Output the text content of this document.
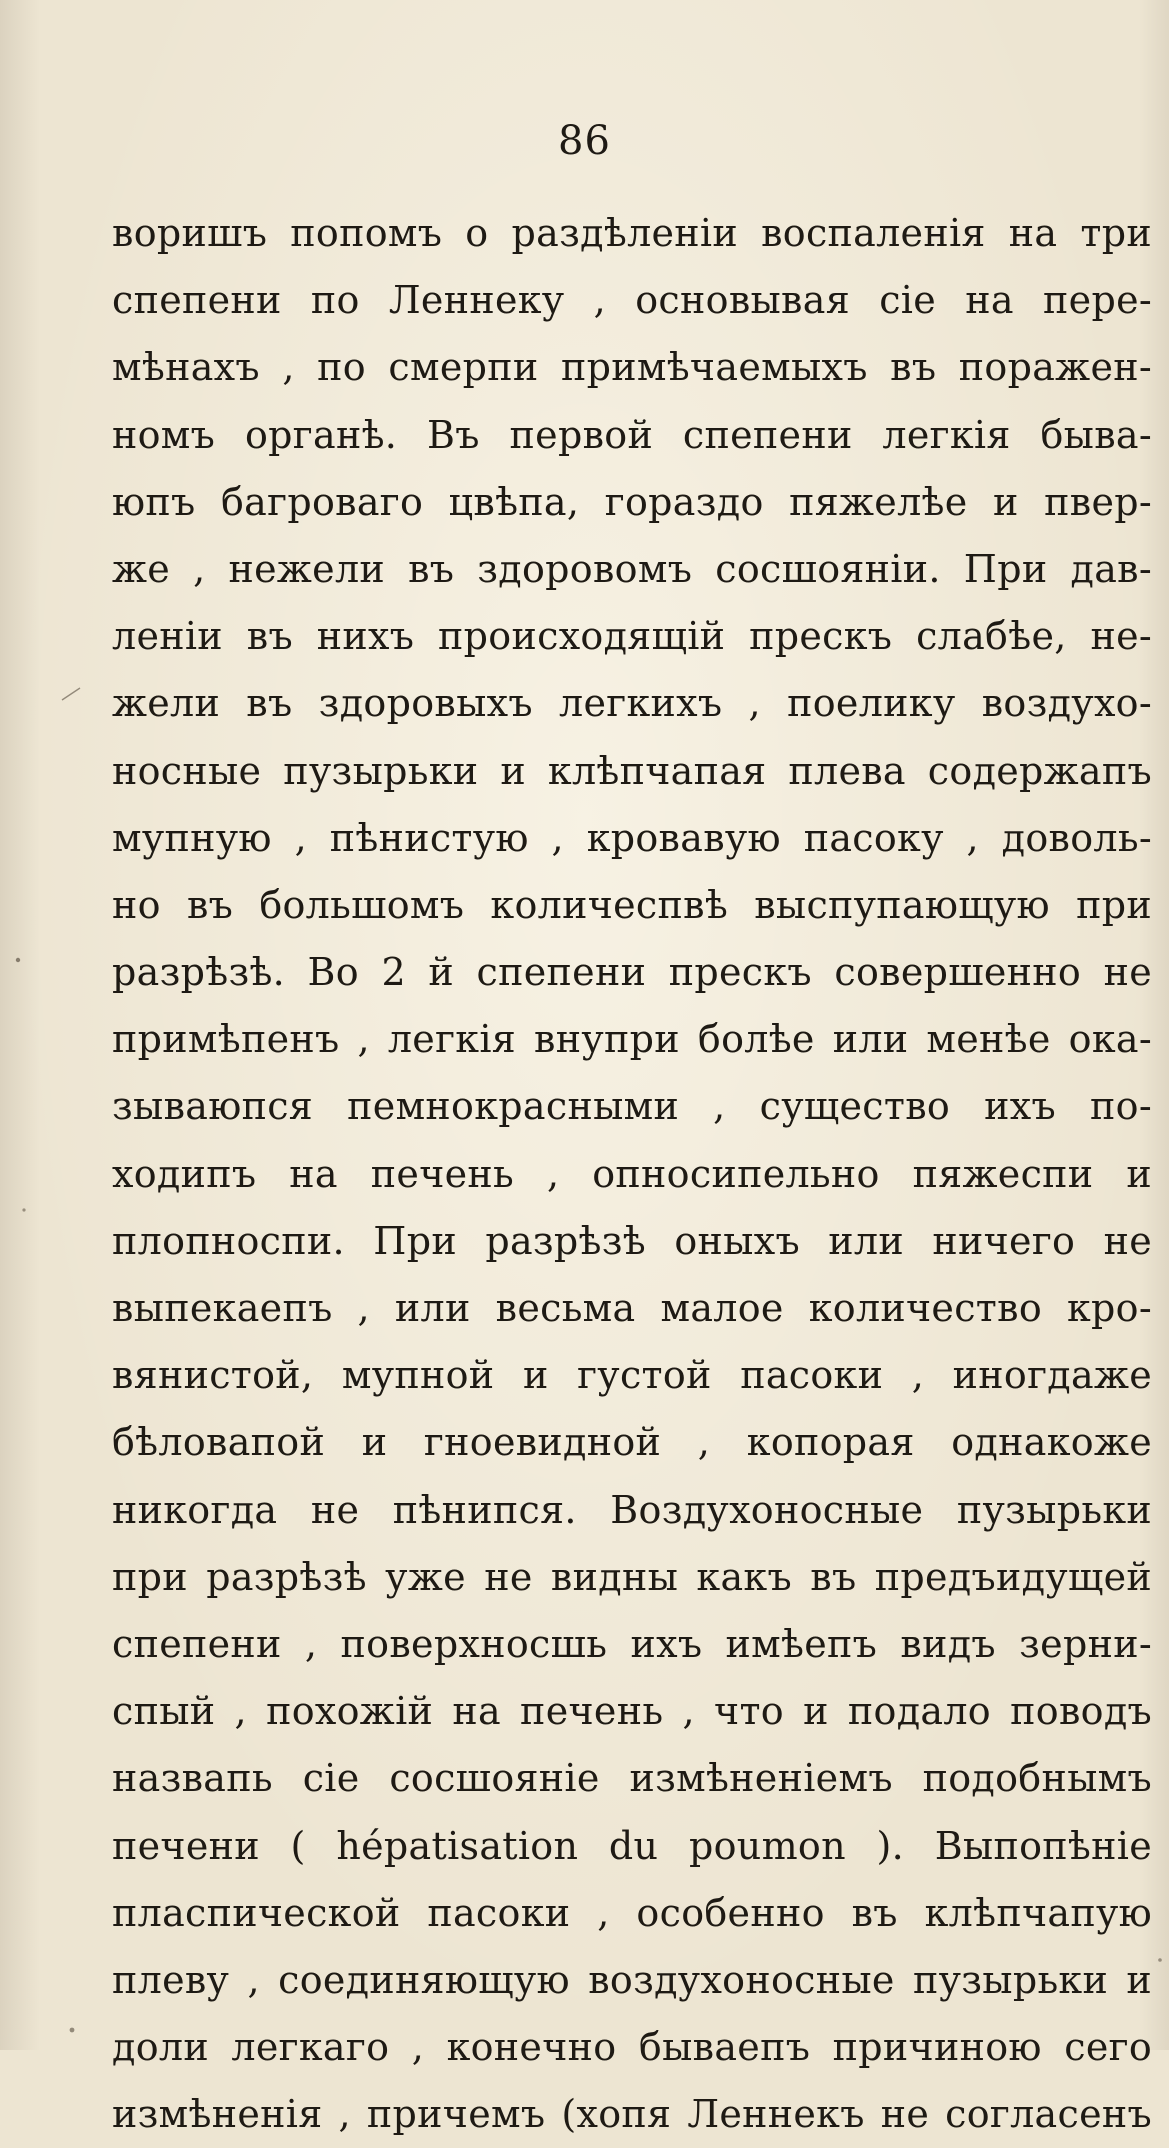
86
воришъ попомъ о раздѣленіи воспаленія на три
спепени по Леннеку , основывая сіе на пере-
мѣнахъ , по смерпи примѣчаемыхъ въ поражен-
номъ органѣ. Въ первой спепени легкія быва-
юпъ багроваго цвѣпа, гораздо пяжелѣе и пвер-
же , нежели въ здоровомъ сосшояніи. При дав-
леніи въ нихъ происходящій прескъ слабѣе, не-
жели въ здоровыхъ легкихъ , поелику воздухо-
носные пузырьки и клѣпчапая плева содержапъ
мупную , пѣнистую , кровавую пасоку , доволь-
но въ большомъ количеспвѣ выспупающую при
разрѣзѣ. Во 2 й спепени прескъ совершенно не
примѣпенъ , легкія внупри болѣе или менѣе ока-
зываюпся пемнокрасными , существо ихъ по-
ходипъ на печень , опносипельно пяжеспи и
плопноспи. При разрѣзѣ оныхъ или ничего не
выпекаепъ , или весьма малое количество кро-
вянистой, мупной и густой пасоки , иногдаже
бѣловапой и гноевидной , копорая однакоже
никогда не пѣнипся. Воздухоносные пузырьки
при разрѣзѣ уже не видны какъ въ предъидущей
спепени , поверхносшь ихъ имѣепъ видъ зерни-
спый , похожій на печень , что и подало поводъ
назвапь сіе сосшояніе измѣненіемъ подобнымъ
печени ( hépatisation du poumon ). Выпопѣніе
пласпической пасоки , особенно въ клѣпчапую
плеву , соединяющую воздухоносные пузырьки и
доли легкаго , конечно бываепъ причиною сего
измѣненія , причемъ (хопя Леннекъ не согласенъ
